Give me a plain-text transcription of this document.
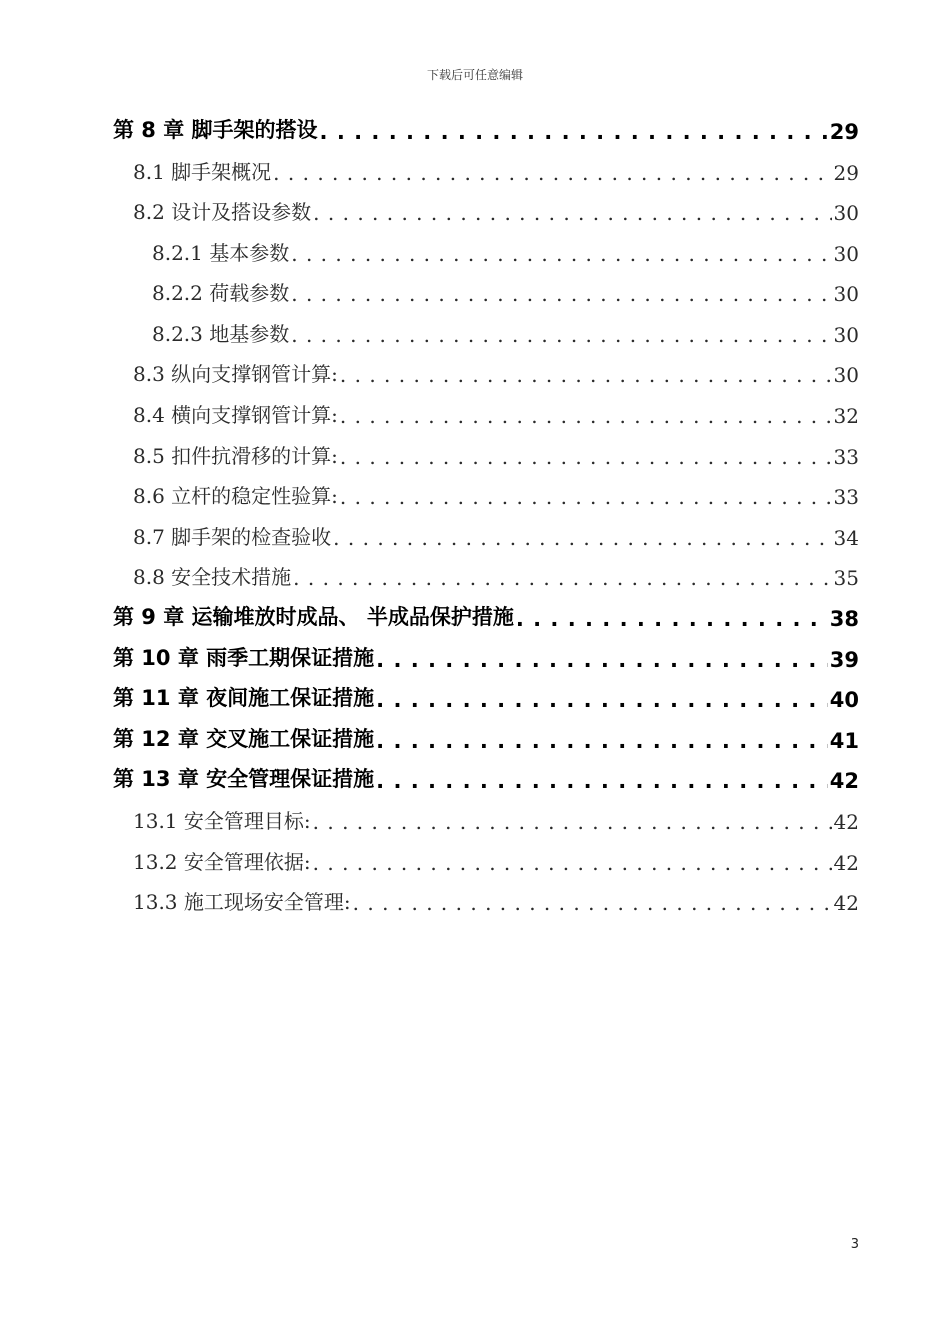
下载后可任意编辑
第 8 章 脚手架的搭设 . . .	29
8.1 脚手架概况 . . .	29
8.2 设计及搭设参数 . . .	30
8.2.1 基本参数 . . .	30
8.2.2 荷载参数 . . .	30
8.2.3 地基参数 . . .	30
8.3 纵向支撑钢管计算: . . .	30
8.4 横向支撑钢管计算: . . .	32
8.5 扣件抗滑移的计算: . . .	33
8.6 立杆的稳定性验算: . . .	33
8.7 脚手架的检查验收 . . .	34
8.8 安全技术措施 . . .	35
第 9 章 运输堆放时成品、 半成品保护措施 . . .	38
第 10 章 雨季工期保证措施 . . .	39
第 11 章 夜间施工保证措施 . . .	40
第 12 章 交叉施工保证措施 . . .	41
第 13 章 安全管理保证措施 . . .	42
13.1 安全管理目标: . . .	42
13.2 安全管理依据: . . .	42
13.3 施工现场安全管理: . . .	42
3
